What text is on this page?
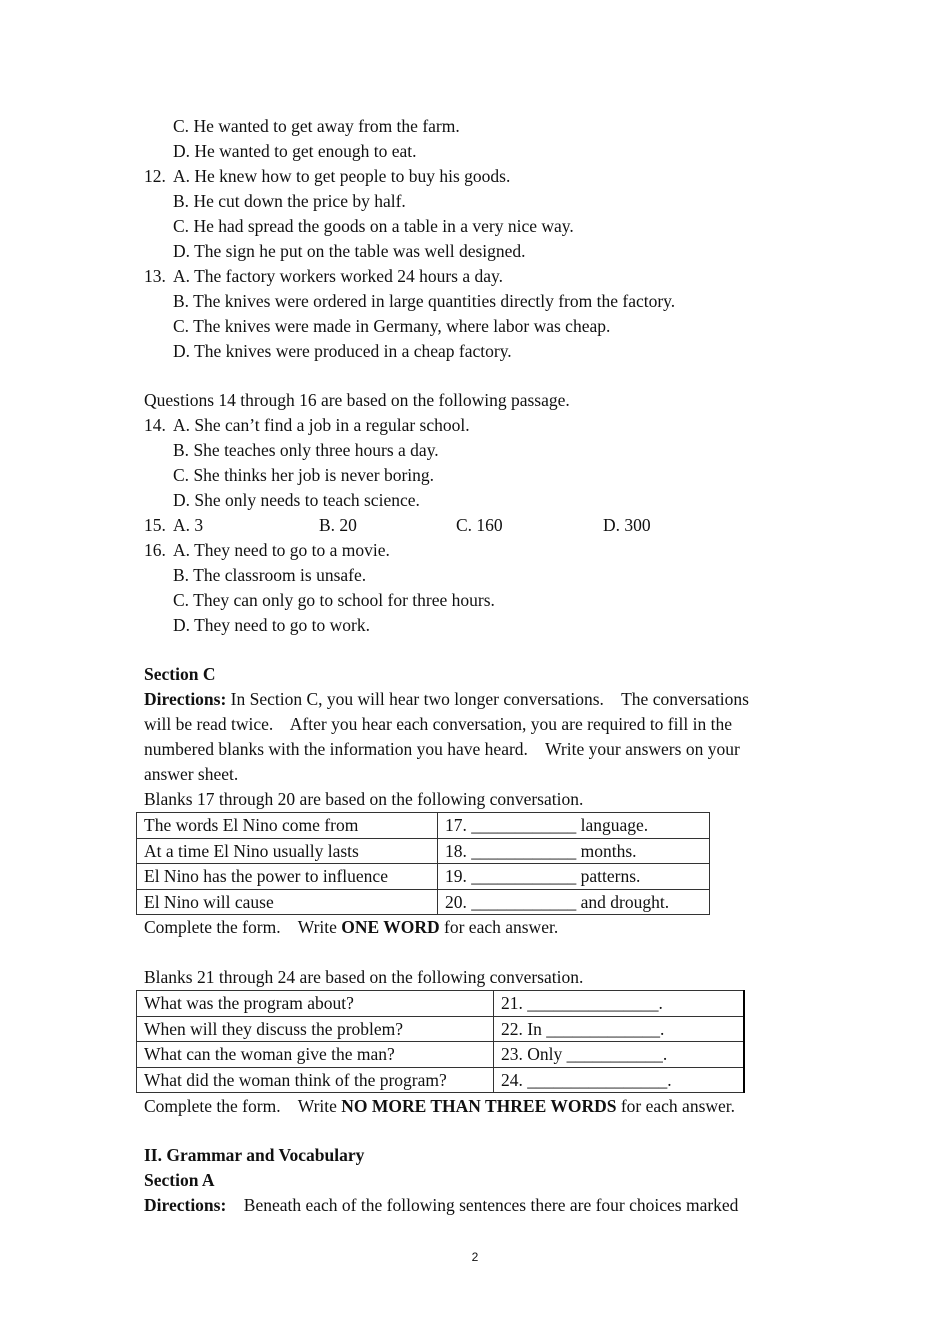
C. He wanted to get away from the farm.
D. He wanted to get enough to eat.
12. A. He knew how to get people to buy his goods.
B. He cut down the price by half.
C. He had spread the goods on a table in a very nice way.
D. The sign he put on the table was well designed.
13. A. The factory workers worked 24 hours a day.
B. The knives were ordered in large quantities directly from the factory.
C. The knives were made in Germany, where labor was cheap.
D. The knives were produced in a cheap factory.
Questions 14 through 16 are based on the following passage.
14. A. She can’t find a job in a regular school.
B. She teaches only three hours a day.
C. She thinks her job is never boring.
D. She only needs to teach science.
15. A. 3	B. 20	C. 160	D. 300
16. A. They need to go to a movie.
B. The classroom is unsafe.
C. They can only go to school for three hours.
D. They need to go to work.
Section C
Directions: In Section C, you will hear two longer conversations.    The conversations
will be read twice.    After you hear each conversation, you are required to fill in the
numbered blanks with the information you have heard.    Write your answers on your
answer sheet.
Blanks 17 through 20 are based on the following conversation.
The words El Nino come from	17. ____________ language.
At a time El Nino usually lasts	18. ____________ months.
El Nino has the power to influence	19. ____________ patterns.
El Nino will cause	20. ____________ and drought.
Complete the form.    Write ONE WORD for each answer.
Blanks 21 through 24 are based on the following conversation.
What was the program about?	21. _______________.
When will they discuss the problem?	22. In _____________.
What can the woman give the man?	23. Only ___________.
What did the woman think of the program?	24. ________________.
Complete the form.    Write NO MORE THAN THREE WORDS for each answer.
II. Grammar and Vocabulary
Section A
Directions:    Beneath each of the following sentences there are four choices marked
2
